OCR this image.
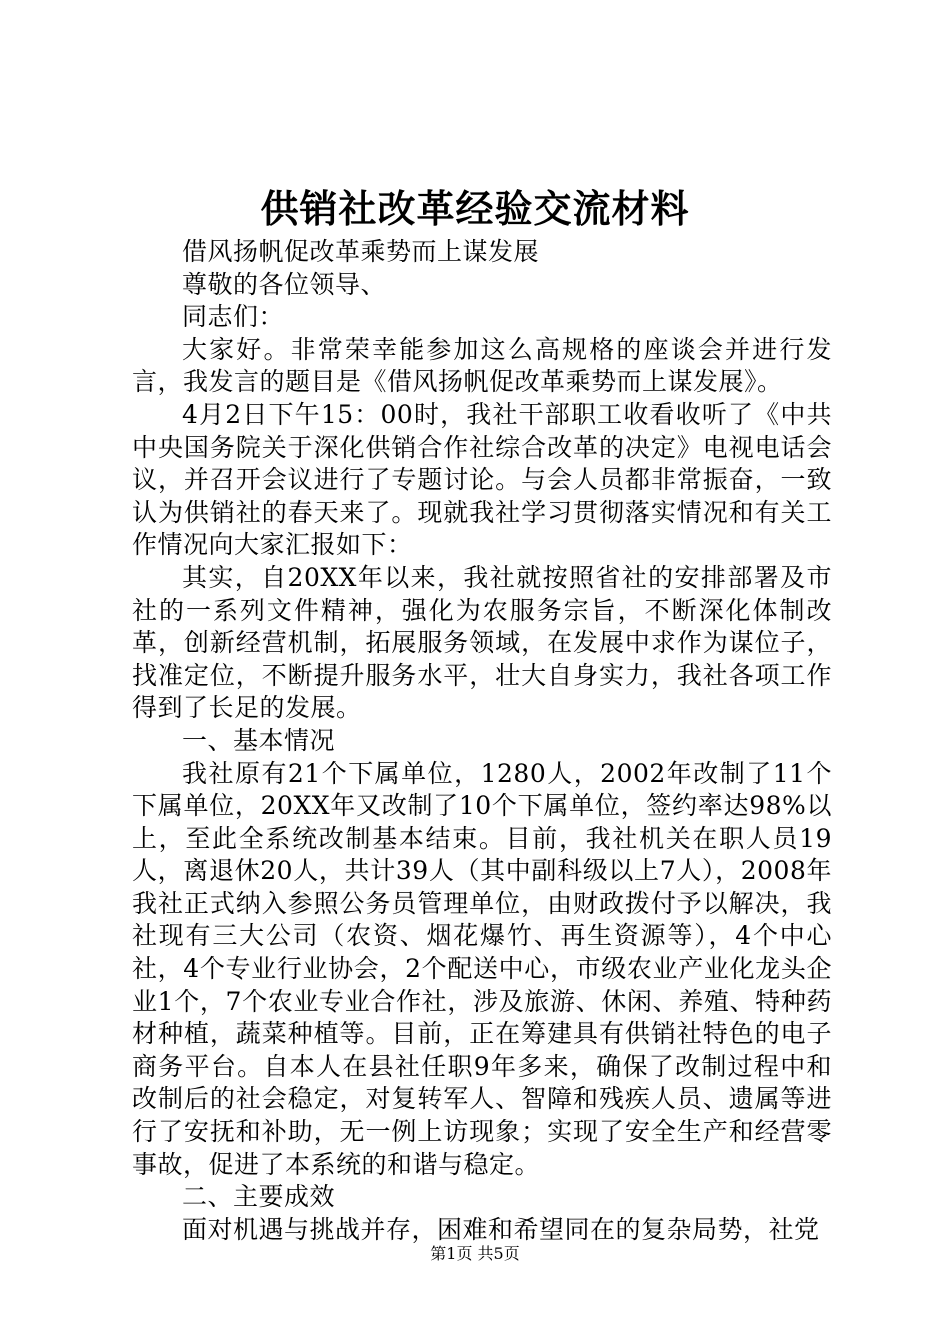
供销社改革经验交流材料

借风扬帆促改革乘势而上谋发展

尊敬的各位领导、

同志们：

大家好。非常荣幸能参加这么高规格的座谈会并进行发言，我发言的题目是《借风扬帆促改革乘势而上谋发展》。

4月2日下午15：00时，我社干部职工收看收听了《中共中央国务院关于深化供销合作社综合改革的决定》电视电话会议，并召开会议进行了专题讨论。与会人员都非常振奋，一致认为供销社的春天来了。现就我社学习贯彻落实情况和有关工作情况向大家汇报如下：

其实，自20XX年以来，我社就按照省社的安排部署及市社的一系列文件精神，强化为农服务宗旨，不断深化体制改革，创新经营机制，拓展服务领域，在发展中求作为谋位子，找准定位，不断提升服务水平，壮大自身实力，我社各项工作得到了长足的发展。

一、基本情况

我社原有21个下属单位，1280人，2002年改制了11个下属单位，20XX年又改制了10个下属单位，签约率达98%以上，至此全系统改制基本结束。目前，我社机关在职人员19人，离退休20人，共计39人（其中副科级以上7人），2008年我社正式纳入参照公务员管理单位，由财政拨付予以解决，我社现有三大公司（农资、烟花爆竹、再生资源等），4个中心社，4个专业行业协会，2个配送中心，市级农业产业化龙头企业1个，7个农业专业合作社，涉及旅游、休闲、养殖、特种药材种植，蔬菜种植等。目前，正在筹建具有供销社特色的电子商务平台。自本人在县社任职9年多来，确保了改制过程中和改制后的社会稳定，对复转军人、智障和残疾人员、遗属等进行了安抚和补助，无一例上访现象；实现了安全生产和经营零事故，促进了本系统的和谐与稳定。

二、主要成效

面对机遇与挑战并存，困难和希望同在的复杂局势，社党

第1页 共5页
